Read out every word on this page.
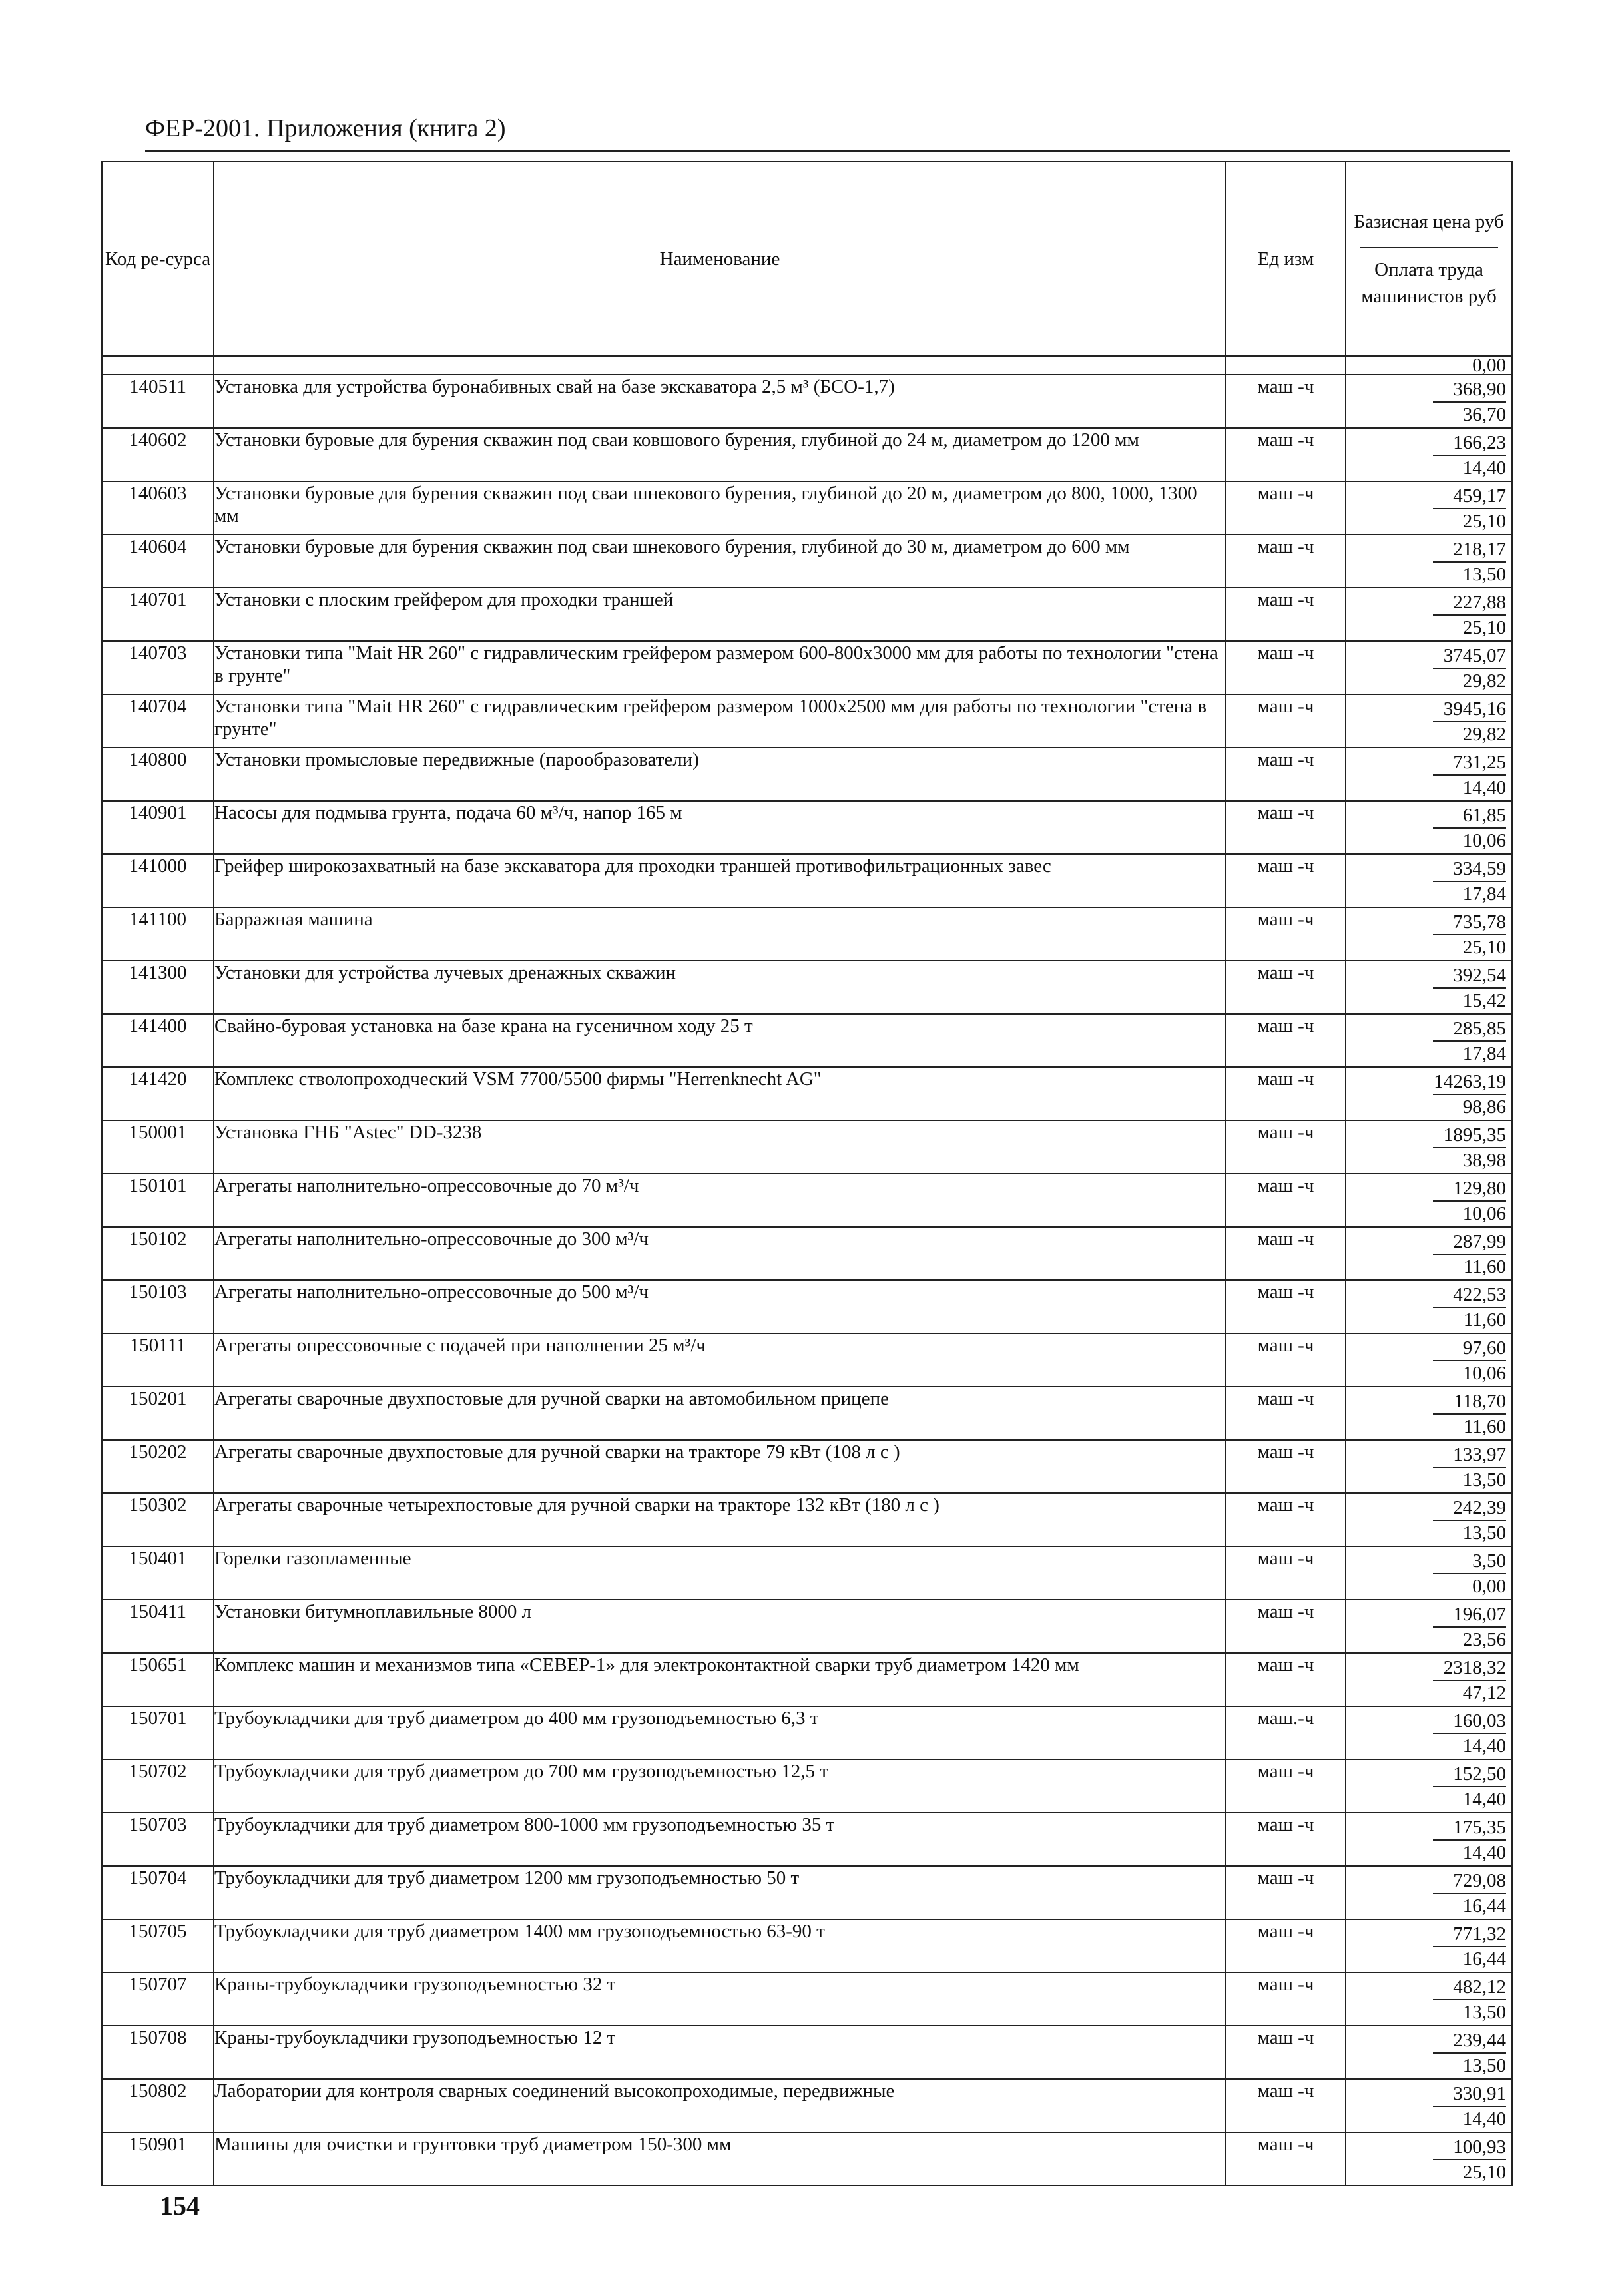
ФЕР-2001. Приложения (книга 2)
Код ре-сурса	Наименование	Ед изм	Базисная цена руб
Оплата труда машинистов руб

			0,00
140511	Установка для устройства буронабивных свай на базе экскаватора 2,5 м³ (БСО-1,7)	маш -ч	368,90
36,70

140602	Установки буровые для бурения скважин под сваи ковшового бурения, глубиной до 24 м, диаметром до 1200 мм	маш -ч	166,23
14,40

140603	Установки буровые для бурения скважин под сваи шнекового бурения, глубиной до 20 м, диаметром до 800, 1000, 1300 мм	маш -ч	459,17
25,10

140604	Установки буровые для бурения скважин под сваи шнекового бурения, глубиной до 30 м, диаметром до 600 мм	маш -ч	218,17
13,50

140701	Установки с плоским грейфером для проходки траншей	маш -ч	227,88
25,10

140703	Установки типа "Mait HR 260" с гидравлическим грейфером размером 600-800х3000 мм для работы по технологии "стена в грунте"	маш -ч	3745,07
29,82

140704	Установки типа "Mait HR 260" с гидравлическим грейфером размером 1000х2500 мм для работы по технологии "стена в грунте"	маш -ч	3945,16
29,82

140800	Установки промысловые передвижные (парообразователи)	маш -ч	731,25
14,40

140901	Насосы для подмыва грунта, подача 60 м³/ч, напор 165 м	маш -ч	61,85
10,06

141000	Грейфер широкозахватный на базе экскаватора для проходки траншей противофильтрационных завес	маш -ч	334,59
17,84

141100	Барражная машина	маш -ч	735,78
25,10

141300	Установки для устройства лучевых дренажных скважин	маш -ч	392,54
15,42

141400	Свайно-буровая установка на базе крана на гусеничном ходу 25 т	маш -ч	285,85
17,84

141420	Комплекс стволопроходческий VSM 7700/5500 фирмы "Herrenknecht AG"	маш -ч	14263,19
98,86

150001	Установка ГНБ "Astec" DD-3238	маш -ч	1895,35
38,98

150101	Агрегаты наполнительно-опрессовочные до 70 м³/ч	маш -ч	129,80
10,06

150102	Агрегаты наполнительно-опрессовочные до 300 м³/ч	маш -ч	287,99
11,60

150103	Агрегаты наполнительно-опрессовочные до 500 м³/ч	маш -ч	422,53
11,60

150111	Агрегаты опрессовочные с подачей при наполнении 25 м³/ч	маш -ч	97,60
10,06

150201	Агрегаты сварочные двухпостовые для ручной сварки на автомобильном прицепе	маш -ч	118,70
11,60

150202	Агрегаты сварочные двухпостовые для ручной сварки на тракторе 79 кВт (108 л с )	маш -ч	133,97
13,50

150302	Агрегаты сварочные четырехпостовые для ручной сварки на тракторе 132 кВт (180 л с )	маш -ч	242,39
13,50

150401	Горелки газопламенные	маш -ч	3,50
0,00

150411	Установки битумноплавильные 8000 л	маш -ч	196,07
23,56

150651	Комплекс машин и механизмов типа «СЕВЕР-1» для электроконтактной сварки труб диаметром 1420 мм	маш -ч	2318,32
47,12

150701	Трубоукладчики для труб диаметром до 400 мм грузоподъемностью 6,3 т	маш.-ч	160,03
14,40

150702	Трубоукладчики для труб диаметром до 700 мм грузоподъемностью 12,5 т	маш -ч	152,50
14,40

150703	Трубоукладчики для труб диаметром 800-1000 мм грузоподъемностью 35 т	маш -ч	175,35
14,40

150704	Трубоукладчики для труб диаметром 1200 мм грузоподъемностью 50 т	маш -ч	729,08
16,44

150705	Трубоукладчики для труб диаметром 1400 мм грузоподъемностью 63-90 т	маш -ч	771,32
16,44

150707	Краны-трубоукладчики грузоподъемностью 32 т	маш -ч	482,12
13,50

150708	Краны-трубоукладчики грузоподъемностью 12 т	маш -ч	239,44
13,50

150802	Лаборатории для контроля сварных соединений высокопроходимые, передвижные	маш -ч	330,91
14,40

150901	Машины для очистки и грунтовки труб диаметром 150-300 мм	маш -ч	100,93
25,10
154
